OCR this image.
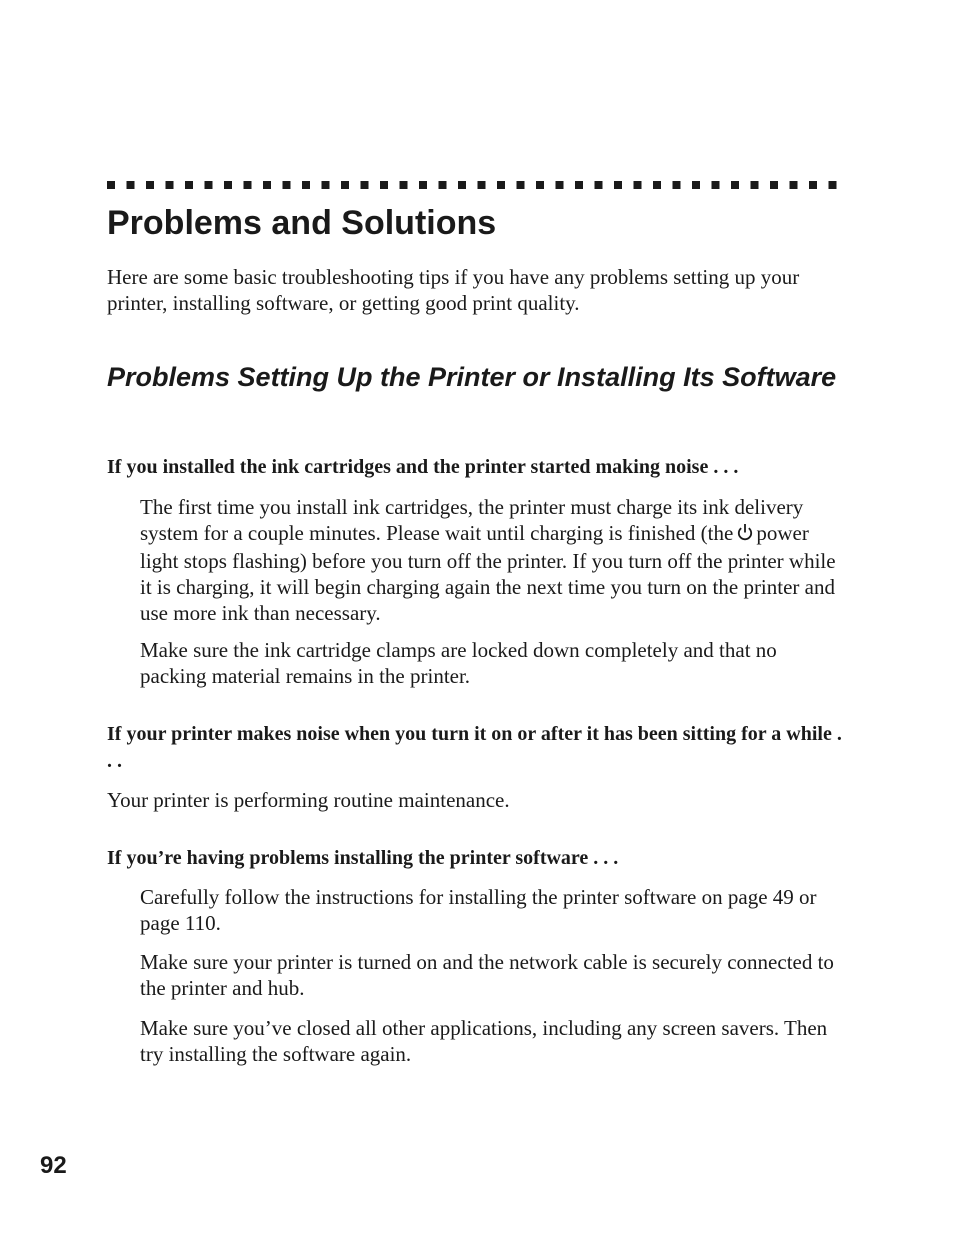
Problems and Solutions

Here are some basic troubleshooting tips if you have any problems setting up your printer, installing software, or getting good print quality.

Problems Setting Up the Printer or Installing Its Software
If you installed the ink cartridges and the printer started making noise . . .

The first time you install ink cartridges, the printer must charge its ink delivery system for a couple minutes. Please wait until charging is finished (the power light stops flashing) before you turn off the printer. If you turn off the printer while it is charging, it will begin charging again the next time you turn on the printer and use more ink than necessary.

Make sure the ink cartridge clamps are locked down completely and that no packing material remains in the printer.

If your printer makes noise when you turn it on or after it has been sitting for a while . . .

Your printer is performing routine maintenance.

If you’re having problems installing the printer software . . .

Carefully follow the instructions for installing the printer software on page 49 or page 110.

Make sure your printer is turned on and the network cable is securely connected to the printer and hub.

Make sure you’ve closed all other applications, including any screen savers. Then try installing the software again.

92
